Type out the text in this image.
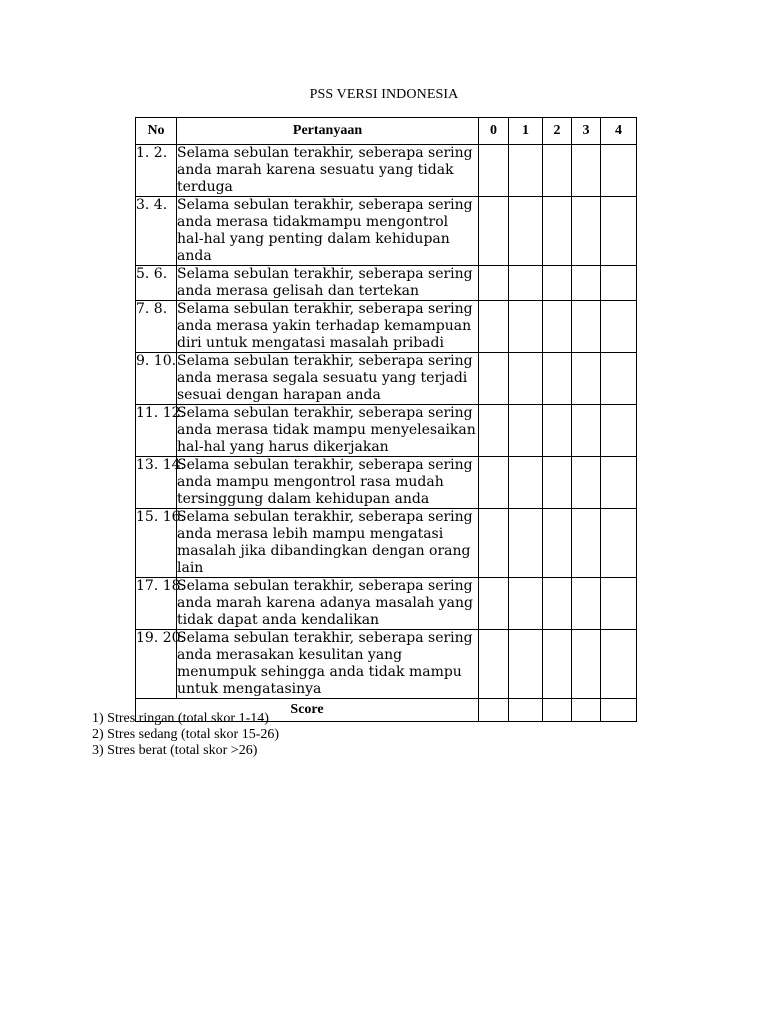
PSS VERSI INDONESIA
No	Pertanyaan	0	1	2	3	4
1. 2.	Selama sebulan terakhir, seberapa sering anda marah karena sesuatu yang tidak terduga					
3. 4.	Selama sebulan terakhir, seberapa sering anda merasa tidakmampu mengontrol hal-hal yang penting dalam kehidupan anda					
5. 6.	Selama sebulan terakhir, seberapa sering anda merasa gelisah dan tertekan					
7. 8.	Selama sebulan terakhir, seberapa sering anda merasa yakin terhadap kemampuan diri untuk mengatasi masalah pribadi					
9. 10.	Selama sebulan terakhir, seberapa sering anda merasa segala sesuatu yang terjadi sesuai dengan harapan anda					
11. 12.	Selama sebulan terakhir, seberapa sering anda merasa tidak mampu menyelesaikan hal-hal yang harus dikerjakan					
13. 14.	Selama sebulan terakhir, seberapa sering anda mampu mengontrol rasa mudah tersinggung dalam kehidupan anda					
15. 16.	Selama sebulan terakhir, seberapa sering anda merasa lebih mampu mengatasi masalah jika dibandingkan dengan orang lain					
17. 18.	Selama sebulan terakhir, seberapa sering anda marah karena adanya masalah yang tidak dapat anda kendalikan					
19. 20.	Selama sebulan terakhir, seberapa sering anda merasakan kesulitan yang menumpuk sehingga anda tidak mampu untuk mengatasinya					
Score						
1) Stres ringan (total skor 1-14)
2) Stres sedang (total skor 15-26)
3) Stres berat (total skor >26)
